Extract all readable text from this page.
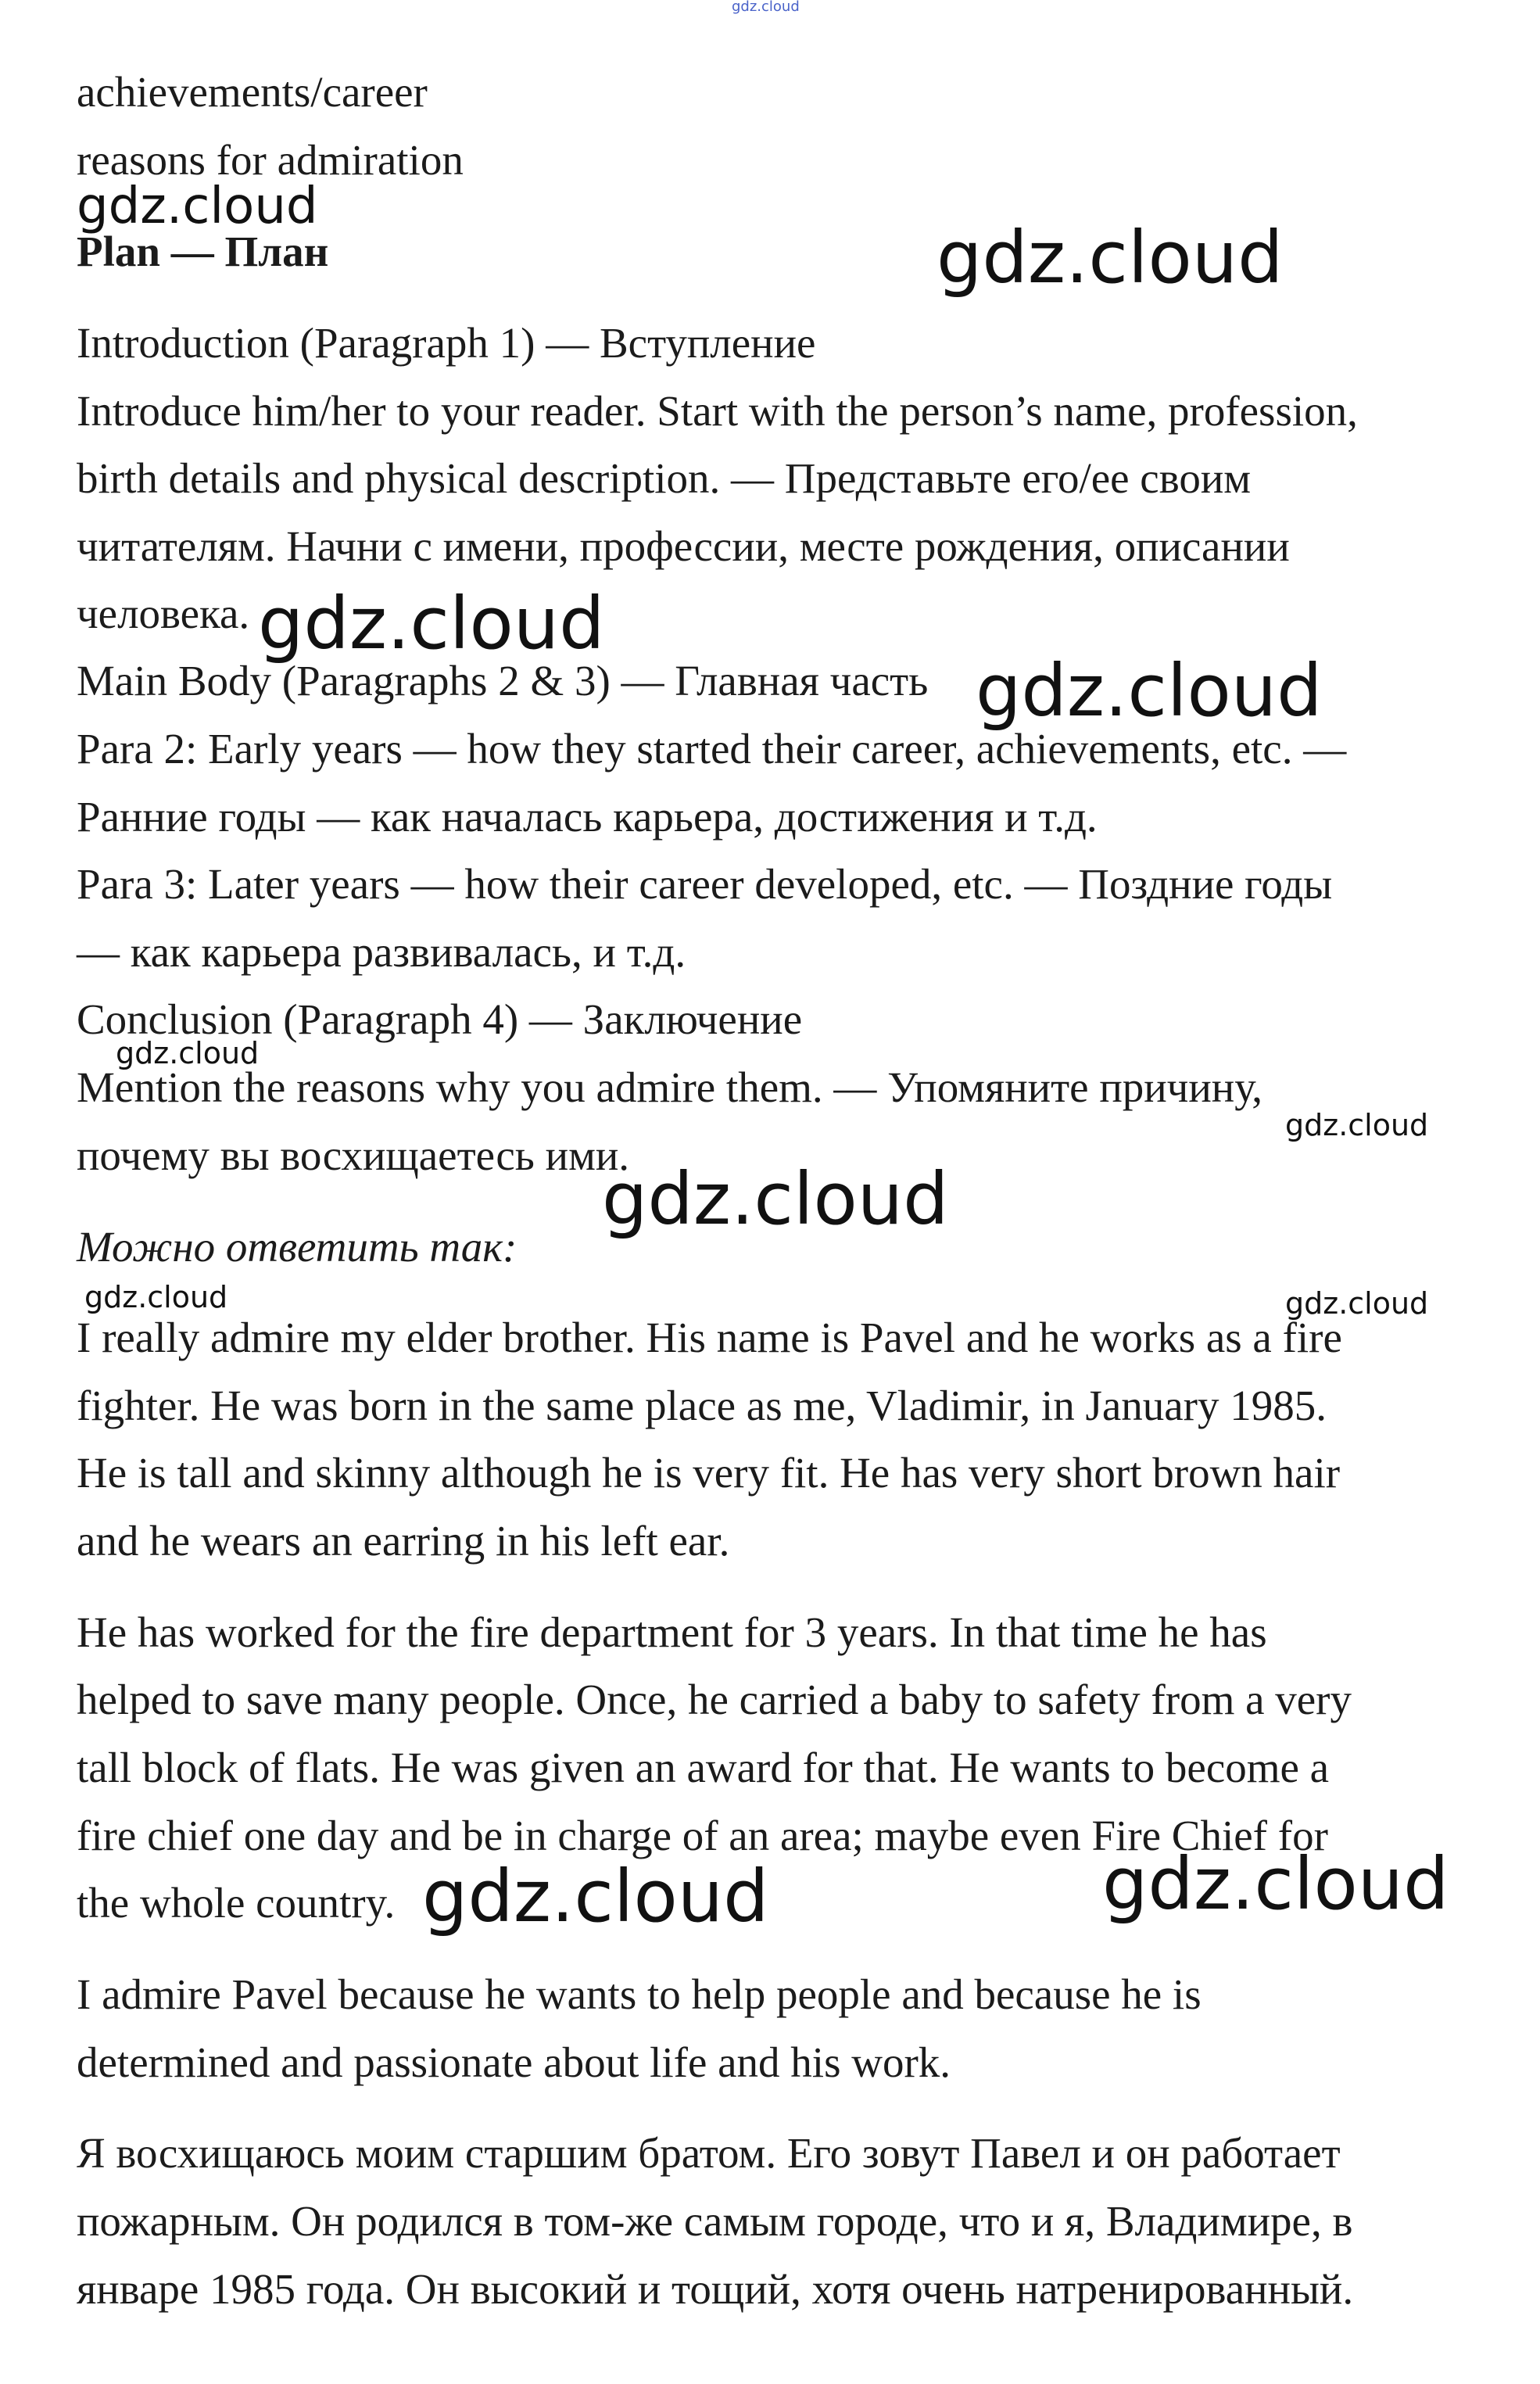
gdz.cloud

achievements/career

reasons for admiration

Plan — План

Introduction (Paragraph 1) — Вступление

Introduce him/her to your reader. Start with the person’s name, profession,

birth details and physical description. — Представьте его/ее своим

читателям. Начни с имени, профессии, месте рождения, описании

человека.

Main Body (Paragraphs 2 & 3) — Главная часть

Para 2: Early years — how they started their career, achievements, etc. —

Ранние годы — как началась карьера, достижения и т.д.

Para 3: Later years — how their career developed, etc. — Поздние годы

— как карьера развивалась, и т.д.

Conclusion (Paragraph 4) — Заключение

Mention the reasons why you admire them. — Упомяните причину,

почему вы восхищаетесь ими.

Можно ответить так:

I really admire my elder brother. His name is Pavel and he works as a fire

fighter. He was born in the same place as me, Vladimir, in January 1985.

He is tall and skinny although he is very fit. He has very short brown hair

and he wears an earring in his left ear.

He has worked for the fire department for 3 years. In that time he has

helped to save many people. Once, he carried a baby to safety from a very

tall block of flats. He was given an award for that. He wants to become a

fire chief one day and be in charge of an area; maybe even Fire Chief for

the whole country.

I admire Pavel because he wants to help people and because he is

determined and passionate about life and his work.

Я восхищаюсь моим старшим братом. Его зовут Павел и он работает

пожарным. Он родился в том-же самым городе, что и я, Владимире, в

январе 1985 года. Он высокий и тощий, хотя очень натренированный.

gdz.cloud
gdz.cloud
gdz.cloud
gdz.cloud
gdz.cloud
gdz.cloud
gdz.cloud
gdz.cloud	gdz.cloud
gdz.cloud	gdz.cloud
